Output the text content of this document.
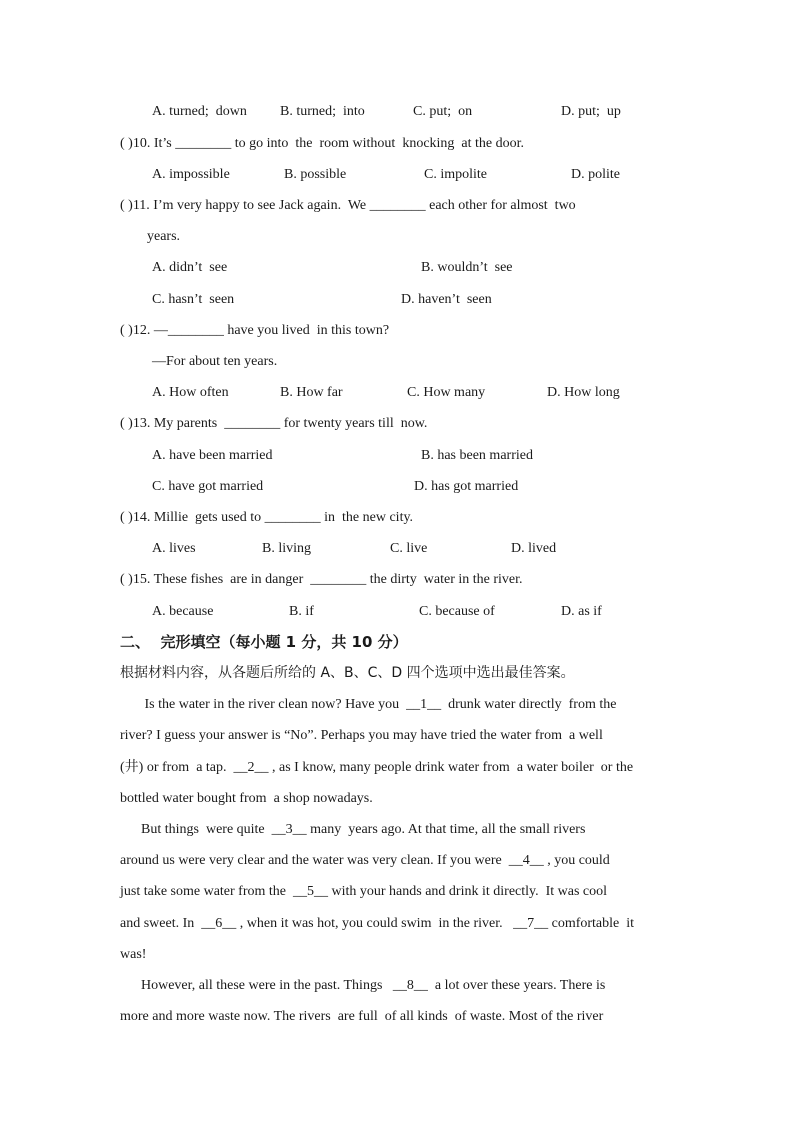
A. turned;  down B. turned;  into	C. put;  on	D. put;  up
( )10. It’s ________ to go into  the  room without  knocking  at the door.
A. impossible	B. possible	C. impolite	D. polite
( )11. I’m very happy to see Jack again.  We ________ each other for almost  two
years.
A. didn’t  see	B. wouldn’t  see
C. hasn’t  seen	D. haven’t  seen
( )12. —________ have you lived  in this town?
—For about ten years.
A. How often	B. How far	C. How many	D. How long
( )13. My parents  ________ for twenty years till  now.
A. have been married	B. has been married
C. have got married	D. has got married
( )14. Millie  gets used to ________ in  the new city.
A. lives	B. living	C. live	D. lived
( )15. These fishes  are in danger  ________ the dirty  water in the river.
A. because	B. if	C. because of	D. as if
二、  完形填空（每小题 1 分，共 10 分）
根据材料内容，从各题后所给的 A、B、C、D 四个选项中选出最佳答案。
Is the water in the river clean now? Have you  __1__  drunk water directly  from the
river? I guess your answer is “No”. Perhaps you may have tried the water from  a well
(井) or from  a tap.  __2__ , as I know, many people drink water from  a water boiler  or the
bottled water bought from  a shop nowadays.
But things  were quite  __3__ many  years ago. At that time, all the small rivers
around us were very clear and the water was very clean. If you were  __4__ , you could
just take some water from the  __5__ with your hands and drink it directly.  It was cool
and sweet. In  __6__ , when it was hot, you could swim  in the river.   __7__ comfortable  it
was!
However, all these were in the past. Things   __8__  a lot over these years. There is
more and more waste now. The rivers  are full  of all kinds  of waste. Most of the river
